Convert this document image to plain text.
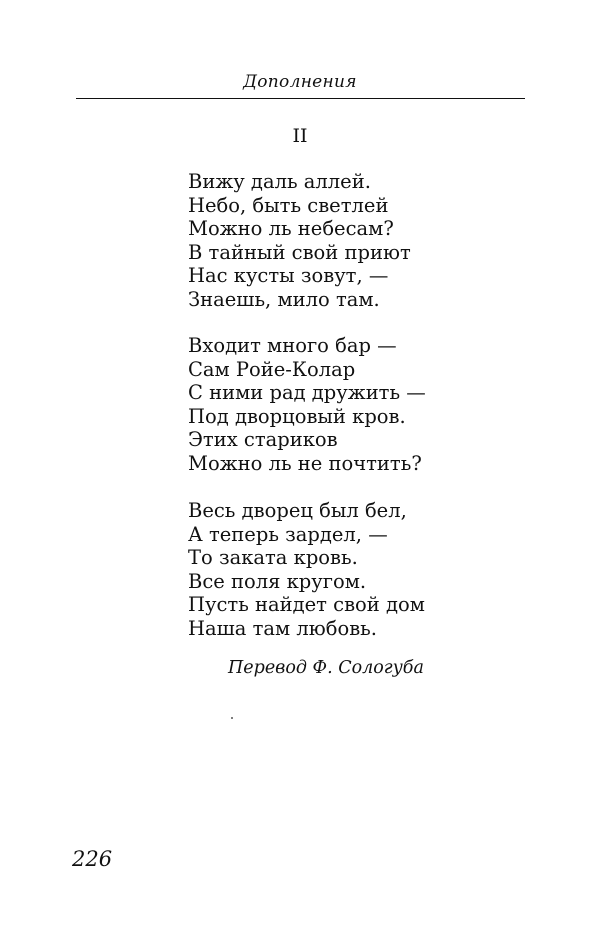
Дополнения
II
Вижу даль аллей.
Небо, быть светлей
Можно ль небесам?
В тайный свой приют
Нас кусты зовут, —
Знаешь, мило там.
Входит много бар —
Сам Ройе-Колар
С ними рад дружить —
Под дворцовый кров.
Этих стариков
Можно ль не почтить?
Весь дворец был бел,
А теперь зардел, —
То заката кровь.
Все поля кругом.
Пусть найдет свой дом
Наша там любовь.
Перевод Ф. Сологуба
226
